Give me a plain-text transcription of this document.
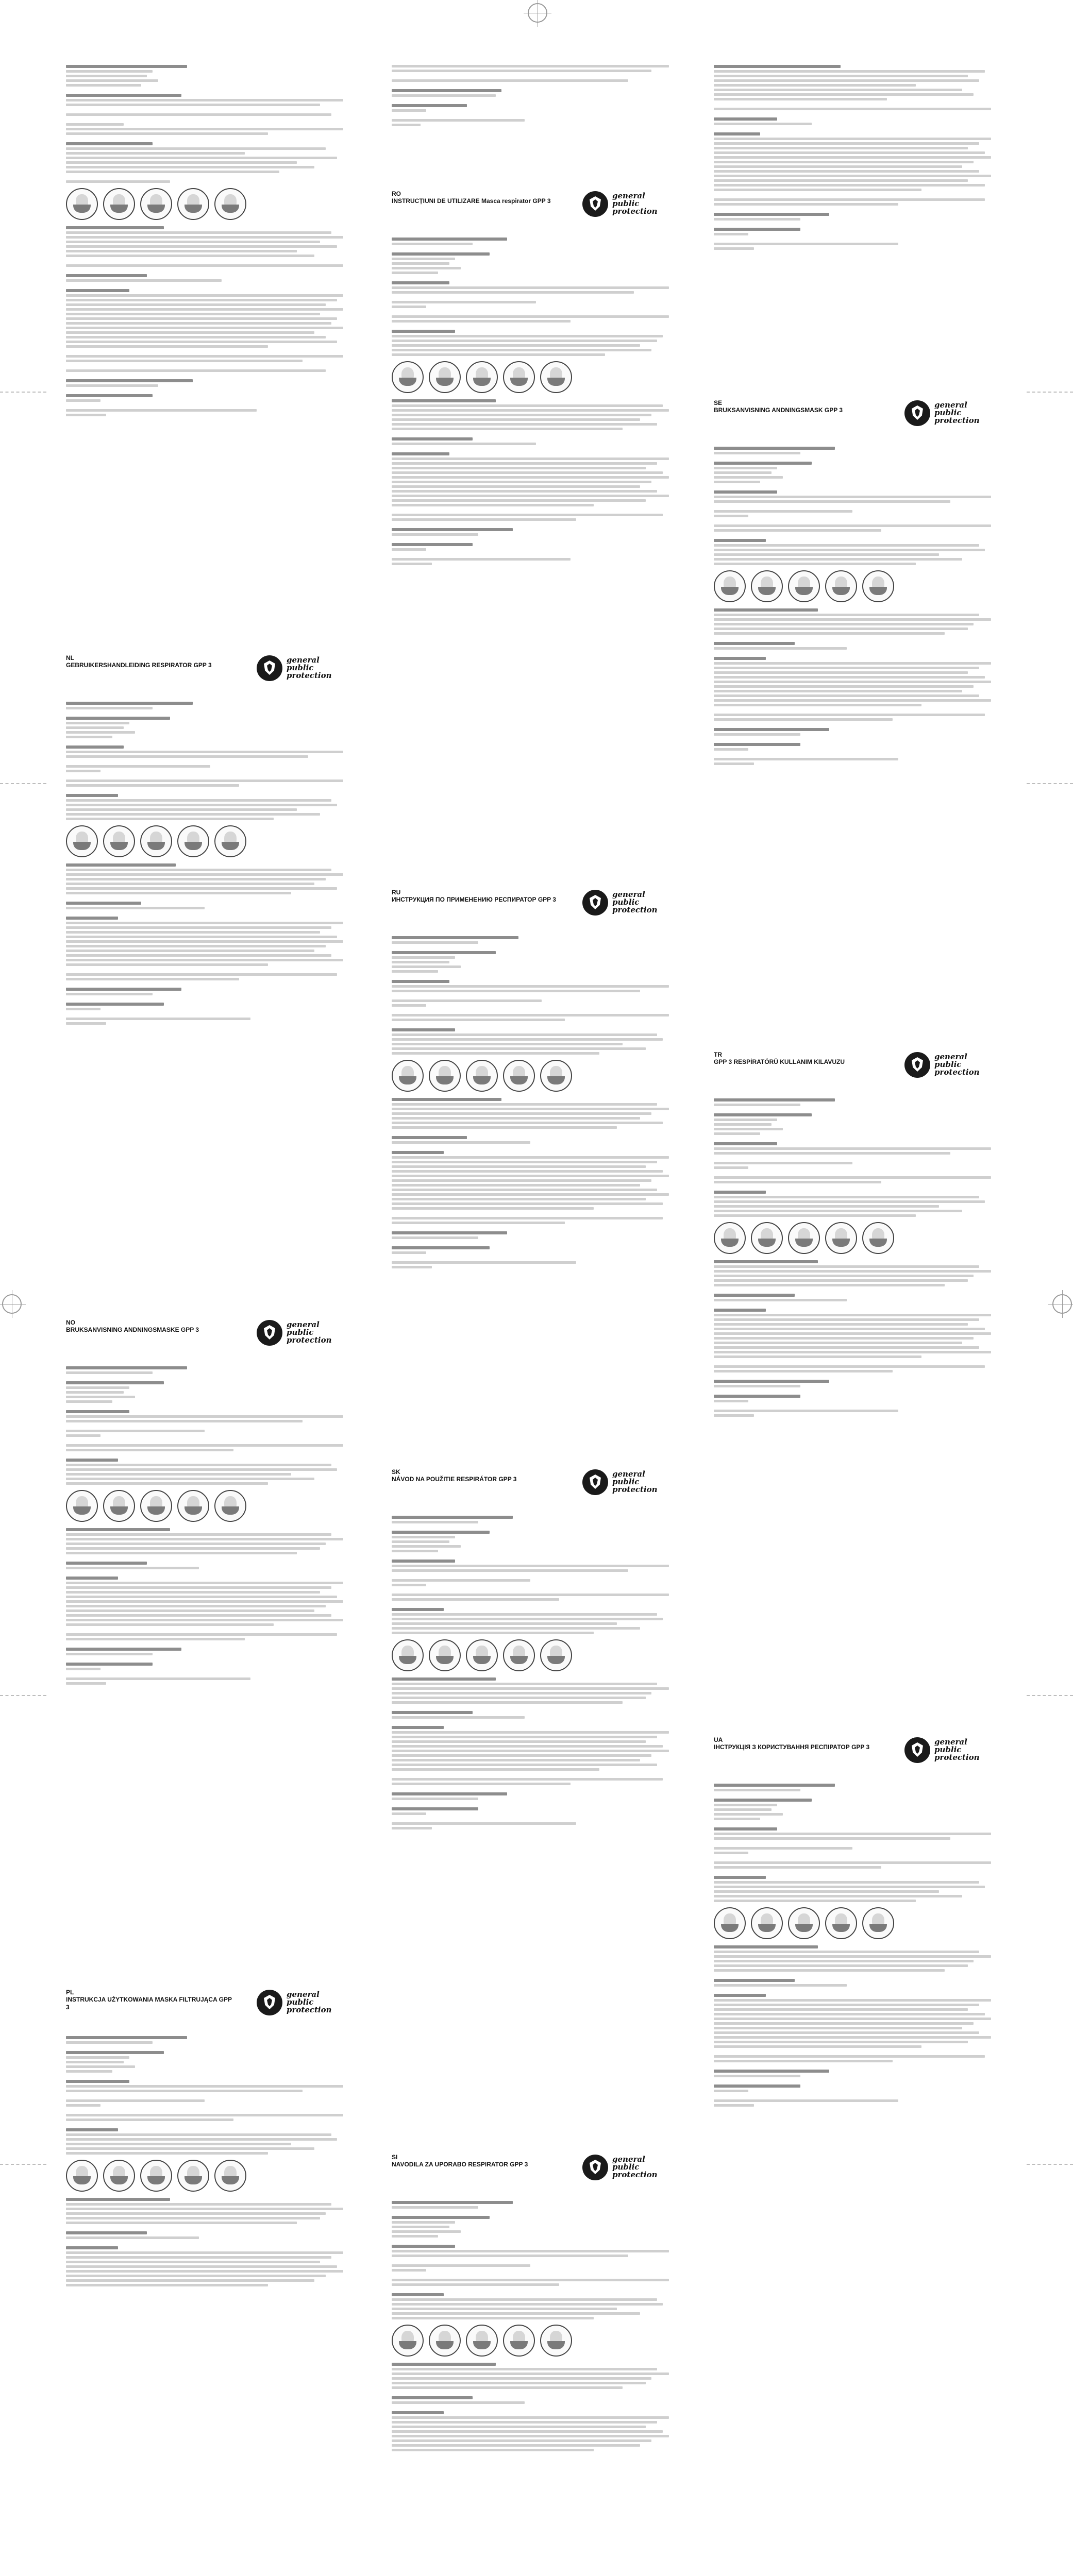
NL
GEBRUIKERSHANDLEIDING RESPIRATOR GPP 3
general
public
protection
NO
BRUKSANVISNING ANDNINGSMASKE GPP 3
general
public
protection
PL
INSTRUKCJA UŻYTKOWANIA MASKA FILTRUJĄCA GPP 3
general
public
protection
RO
INSTRUCȚIUNI DE UTILIZARE Masca respirator GPP 3
general
public
protection
RU
ИНСТРУКЦИЯ ПО ПРИМЕНЕНИЮ РЕСПИРАТОР GPP 3
general
public
protection
SK
NÁVOD NA POUŽITIE RESPIRÁTOR GPP 3
general
public
protection
SI
NAVODILA ZA UPORABO RESPIRATOR GPP 3
general
public
protection
SE
BRUKSANVISNING ANDNINGSMASK GPP 3
general
public
protection
TR
GPP 3 RESPİRATÖRÜ KULLANIM KILAVUZU
general
public
protection
UA
ІНСТРУКЦІЯ З КОРИСТУВАННЯ РЕСПІРАТОР GPP 3
general
public
protection
